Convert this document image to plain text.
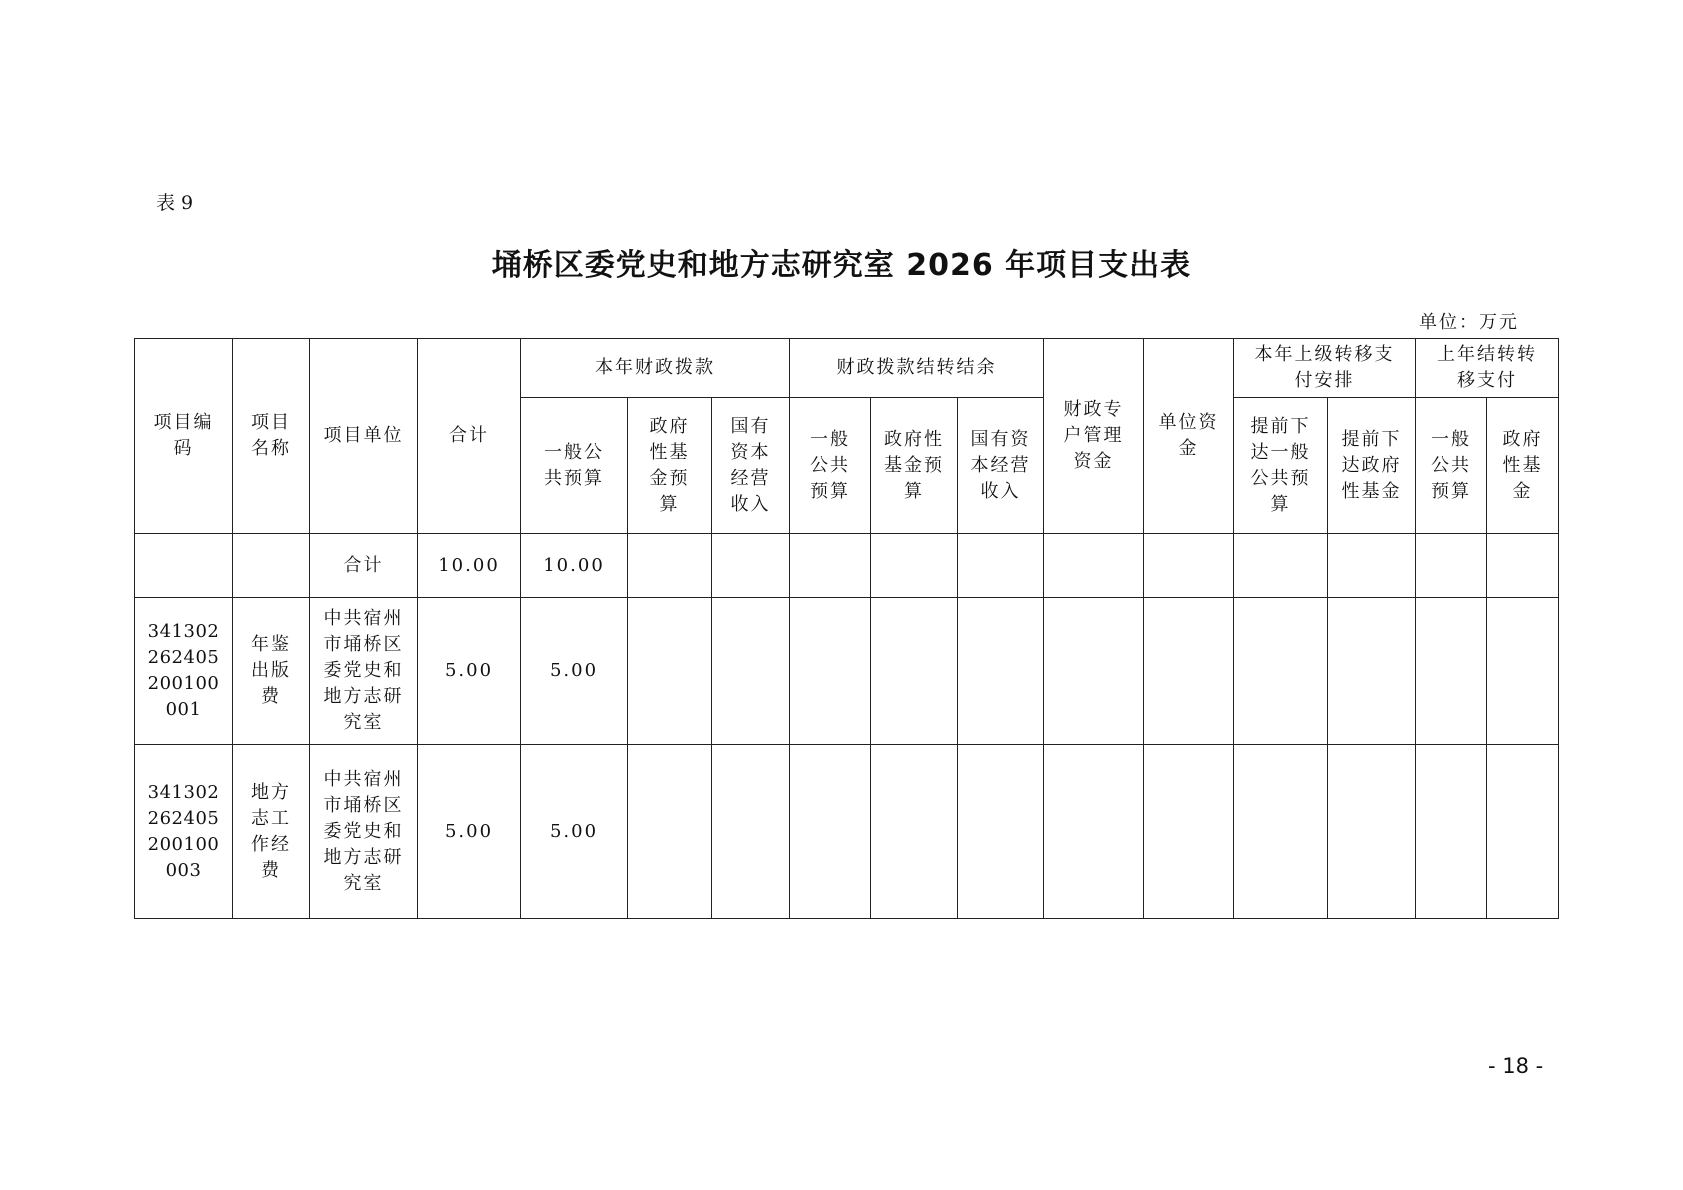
表 9
埇桥区委党史和地方志研究室 2026 年项目支出表
单位：万元
项目编码	项目名称	项目单位	合计	本年财政拨款			财政拨款结转结余			财政专户管理资金	单位资金	本年上级转移支付安排		上年结转转移支付	

				一般公共预算	政府性基金预算	国有资本经营收入	一般公共预算	政府性基金预算	国有资本经营收入			提前下达一般公共预算	提前下达政府性基金	一般公共预算	政府性基金

		合计	10.00	10.00											

341302262405200100001	年鉴出版费	中共宿州市埇桥区委党史和地方志研究室	5.00	5.00											

341302262405200100003	地方志工作经费	中共宿州市埇桥区委党史和地方志研究室	5.00	5.00											
- 18 -
